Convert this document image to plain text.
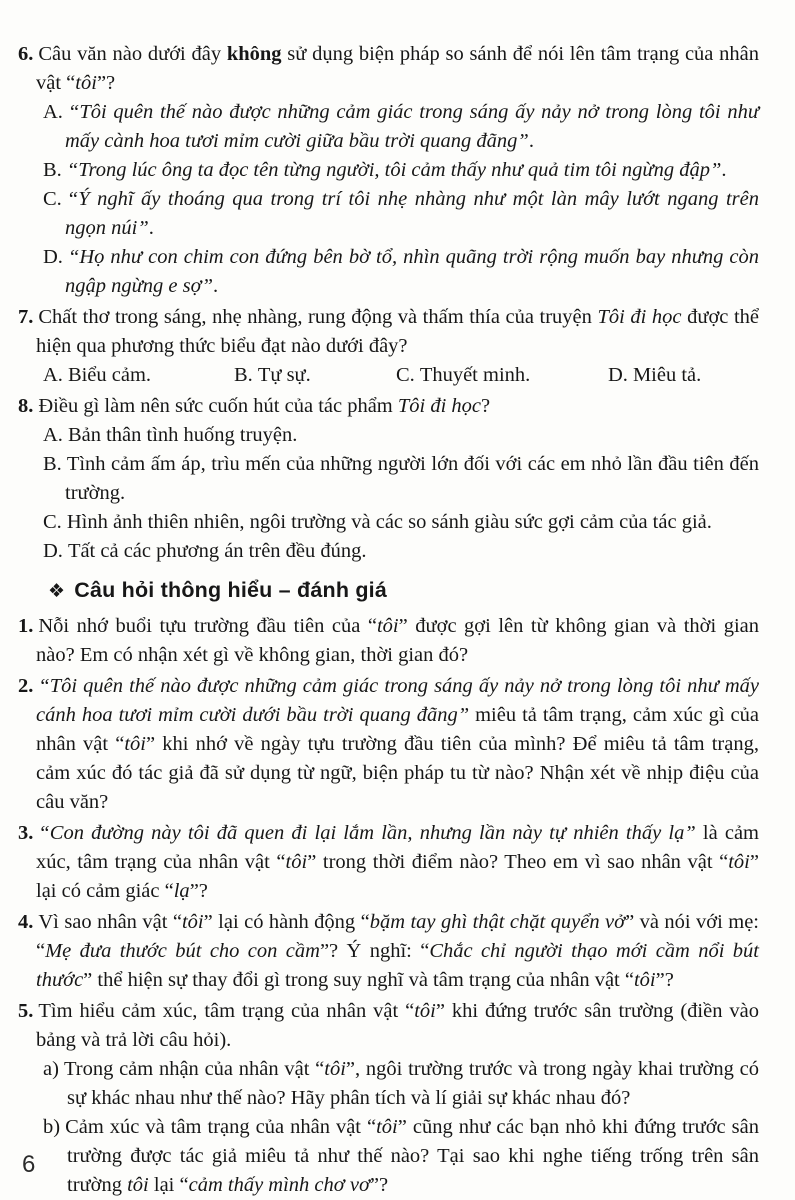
6. Câu văn nào dưới đây không sử dụng biện pháp so sánh để nói lên tâm trạng của nhân vật “tôi”?

A. “Tôi quên thế nào được những cảm giác trong sáng ấy nảy nở trong lòng tôi như mấy cành hoa tươi mỉm cười giữa bầu trời quang đãng”.

B. “Trong lúc ông ta đọc tên từng người, tôi cảm thấy như quả tim tôi ngừng đập”.

C. “Ý nghĩ ấy thoáng qua trong trí tôi nhẹ nhàng như một làn mây lướt ngang trên ngọn núi”.

D. “Họ như con chim con đứng bên bờ tổ, nhìn quãng trời rộng muốn bay nhưng còn ngập ngừng e sợ”.

7. Chất thơ trong sáng, nhẹ nhàng, rung động và thấm thía của truyện Tôi đi học được thể hiện qua phương thức biểu đạt nào dưới đây?

A. Biểu cảm.	B. Tự sự.	C. Thuyết minh.	D. Miêu tả.

8. Điều gì làm nên sức cuốn hút của tác phẩm Tôi đi học?

A. Bản thân tình huống truyện.

B. Tình cảm ấm áp, trìu mến của những người lớn đối với các em nhỏ lần đầu tiên đến trường.

C. Hình ảnh thiên nhiên, ngôi trường và các so sánh giàu sức gợi cảm của tác giả.

D. Tất cả các phương án trên đều đúng.

❖ Câu hỏi thông hiểu – đánh giá

1. Nỗi nhớ buổi tựu trường đầu tiên của “tôi” được gợi lên từ không gian và thời gian nào? Em có nhận xét gì về không gian, thời gian đó?

2. “Tôi quên thế nào được những cảm giác trong sáng ấy nảy nở trong lòng tôi như mấy cánh hoa tươi mỉm cười dưới bầu trời quang đãng” miêu tả tâm trạng, cảm xúc gì của nhân vật “tôi” khi nhớ về ngày tựu trường đầu tiên của mình? Để miêu tả tâm trạng, cảm xúc đó tác giả đã sử dụng từ ngữ, biện pháp tu từ nào? Nhận xét về nhịp điệu của câu văn?

3. “Con đường này tôi đã quen đi lại lắm lần, nhưng lần này tự nhiên thấy lạ” là cảm xúc, tâm trạng của nhân vật “tôi” trong thời điểm nào? Theo em vì sao nhân vật “tôi” lại có cảm giác “lạ”?

4. Vì sao nhân vật “tôi” lại có hành động “bặm tay ghì thật chặt quyển vở” và nói với mẹ: “Mẹ đưa thước bút cho con cầm”? Ý nghĩ: “Chắc chỉ người thạo mới cầm nổi bút thước” thể hiện sự thay đổi gì trong suy nghĩ và tâm trạng của nhân vật “tôi”?

5. Tìm hiểu cảm xúc, tâm trạng của nhân vật “tôi” khi đứng trước sân trường (điền vào bảng và trả lời câu hỏi).

a) Trong cảm nhận của nhân vật “tôi”, ngôi trường trước và trong ngày khai trường có sự khác nhau như thế nào? Hãy phân tích và lí giải sự khác nhau đó?

b) Cảm xúc và tâm trạng của nhân vật “tôi” cũng như các bạn nhỏ khi đứng trước sân trường được tác giả miêu tả như thế nào? Tại sao khi nghe tiếng trống trên sân trường tôi lại “cảm thấy mình chơ vơ”?

6
